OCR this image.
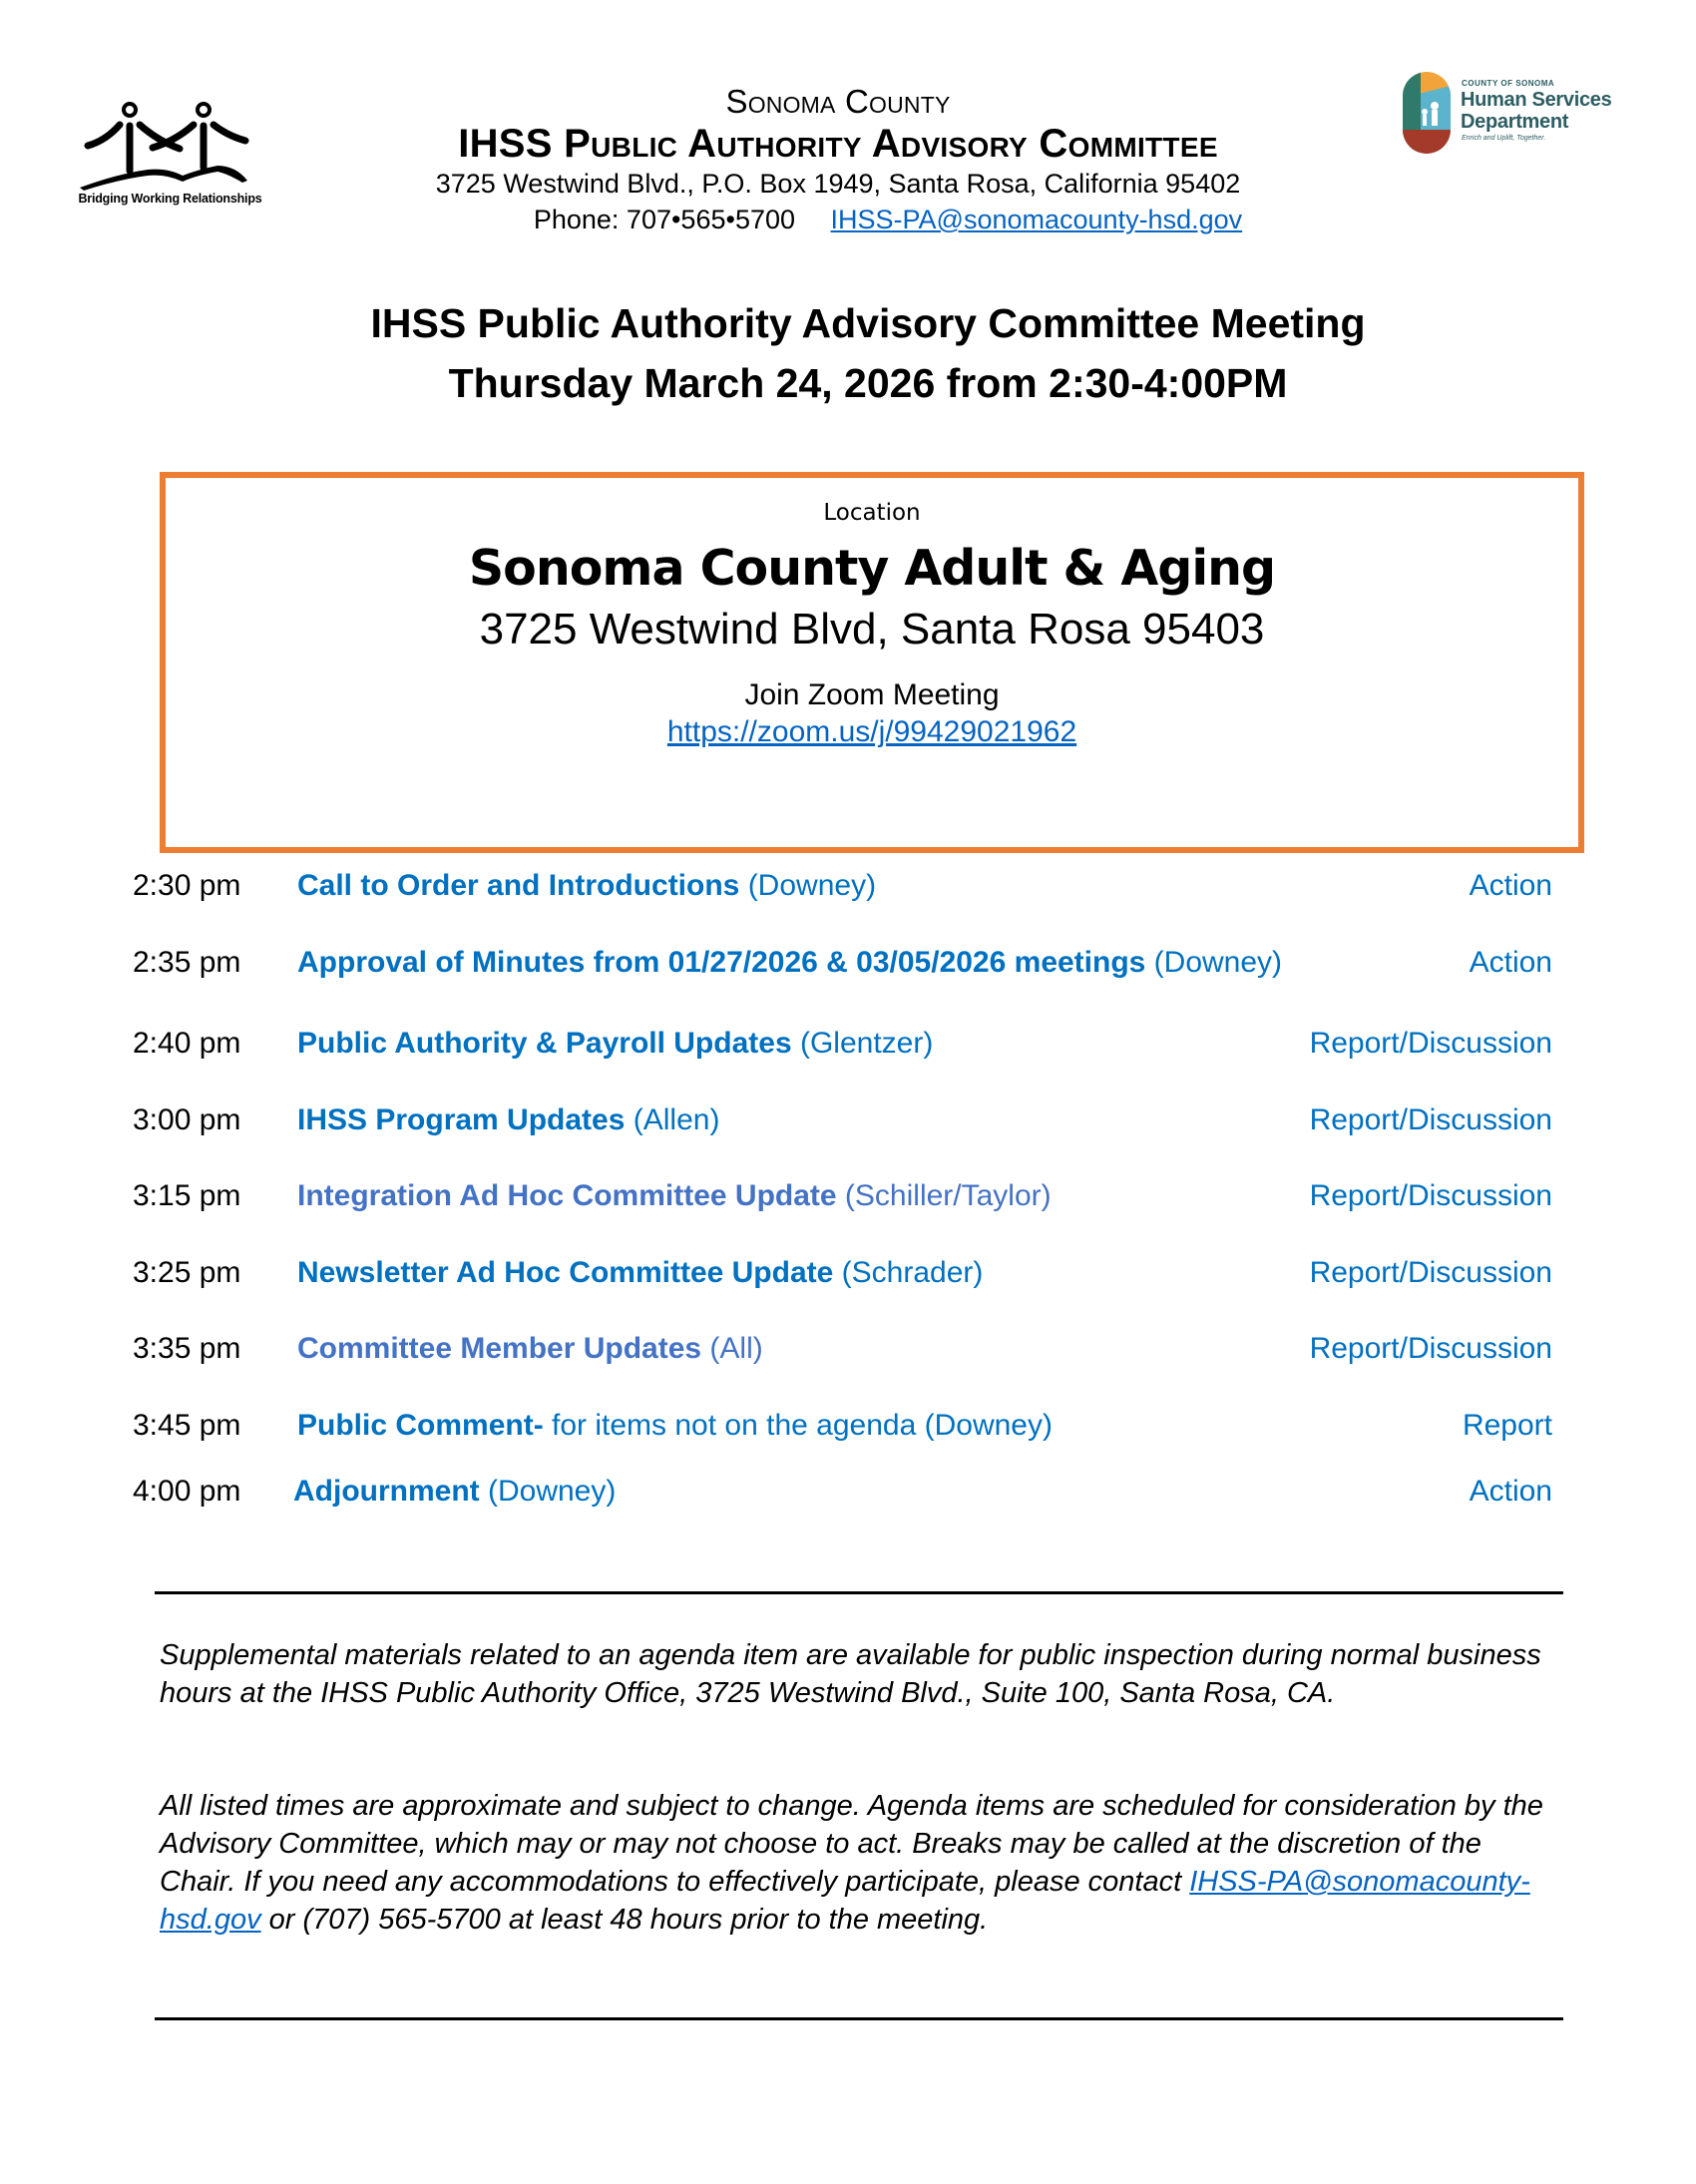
Bridging Working Relationships
COUNTY OF SONOMA
Human Services
Department
Enrich and Uplift, Together.
Sonoma County
IHSS Public Authority Advisory Committee
3725 Westwind Blvd., P.O. Box 1949, Santa Rosa, California 95402
Phone: 707•565•5700 IHSS-PA@sonomacounty-hsd.gov
IHSS Public Authority Advisory Committee Meeting
Thursday March 24, 2026 from 2:30-4:00PM
Location
Sonoma County Adult & Aging
3725 Westwind Blvd, Santa Rosa 95403
Join Zoom Meeting
https://zoom.us/j/99429021962
2:30 pm Call to Order and Introductions (Downey)	Action
2:35 pm Approval of Minutes from 01/27/2026 & 03/05/2026 meetings (Downey)	Action
2:40 pm Public Authority & Payroll Updates (Glentzer)	Report/Discussion
3:00 pm IHSS Program Updates (Allen)	Report/Discussion
3:15 pm Integration Ad Hoc Committee Update (Schiller/Taylor)	Report/Discussion
3:25 pm Newsletter Ad Hoc Committee Update (Schrader)	Report/Discussion
3:35 pm Committee Member Updates (All)	Report/Discussion
3:45 pm Public Comment- for items not on the agenda (Downey)	Report
4:00 pm Adjournment (Downey)	Action
Supplemental materials related to an agenda item are available for public inspection during normal business hours at the IHSS Public Authority Office, 3725 Westwind Blvd., Suite 100, Santa Rosa, CA.
All listed times are approximate and subject to change. Agenda items are scheduled for consideration by the Advisory Committee, which may or may not choose to act. Breaks may be called at the discretion of the Chair. If you need any accommodations to effectively participate, please contact IHSS-PA@sonomacounty-hsd.gov or (707) 565-5700 at least 48 hours prior to the meeting.
